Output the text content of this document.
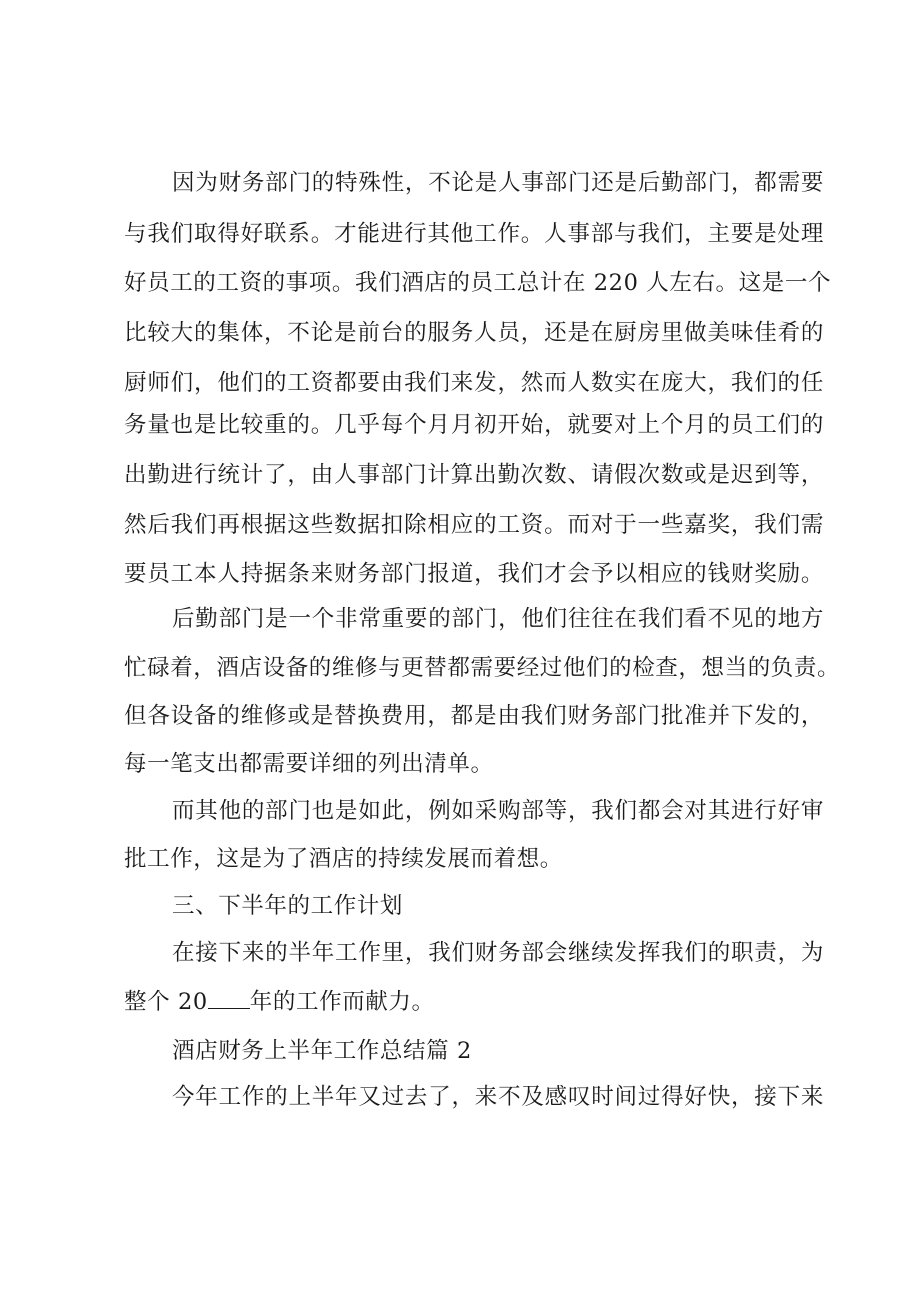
因为财务部门的特殊性，不论是人事部门还是后勤部门，都需要
与我们取得好联系。才能进行其他工作。人事部与我们，主要是处理
好员工的工资的事项。我们酒店的员工总计在 220 人左右。这是一个
比较大的集体，不论是前台的服务人员，还是在厨房里做美味佳肴的
厨师们，他们的工资都要由我们来发，然而人数实在庞大，我们的任
务量也是比较重的。几乎每个月月初开始，就要对上个月的员工们的
出勤进行统计了，由人事部门计算出勤次数、请假次数或是迟到等，
然后我们再根据这些数据扣除相应的工资。而对于一些嘉奖，我们需
要员工本人持据条来财务部门报道，我们才会予以相应的钱财奖励。
后勤部门是一个非常重要的部门，他们往往在我们看不见的地方
忙碌着，酒店设备的维修与更替都需要经过他们的检查，想当的负责。
但各设备的维修或是替换费用，都是由我们财务部门批准并下发的，
每一笔支出都需要详细的列出清单。
而其他的部门也是如此，例如采购部等，我们都会对其进行好审
批工作，这是为了酒店的持续发展而着想。
三、下半年的工作计划
在接下来的半年工作里，我们财务部会继续发挥我们的职责，为
整个 20 年的工作而献力。
酒店财务上半年工作总结篇 2
今年工作的上半年又过去了，来不及感叹时间过得好快，接下来
